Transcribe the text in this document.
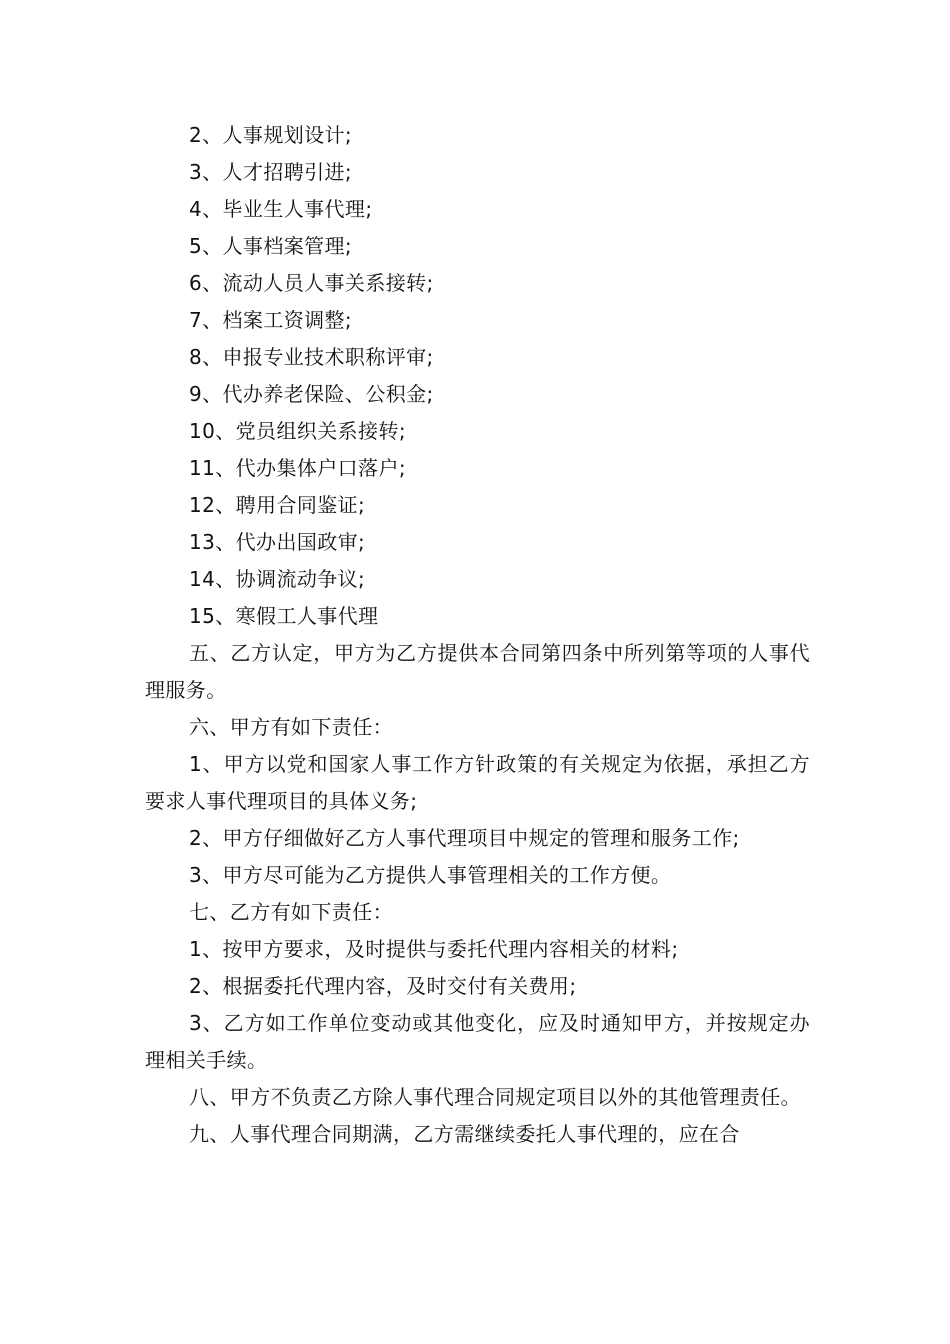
2、人事规划设计;

3、人才招聘引进;

4、毕业生人事代理;

5、人事档案管理;

6、流动人员人事关系接转;

7、档案工资调整;

8、申报专业技术职称评审;

9、代办养老保险、公积金;

10、党员组织关系接转;

11、代办集体户口落户;

12、聘用合同鉴证;

13、代办出国政审;

14、协调流动争议;

15、寒假工人事代理

五、乙方认定，甲方为乙方提供本合同第四条中所列第等项的人事代理服务。

六、甲方有如下责任：

1、甲方以党和国家人事工作方针政策的有关规定为依据，承担乙方要求人事代理项目的具体义务;

2、甲方仔细做好乙方人事代理项目中规定的管理和服务工作;

3、甲方尽可能为乙方提供人事管理相关的工作方便。

七、乙方有如下责任：

1、按甲方要求，及时提供与委托代理内容相关的材料;

2、根据委托代理内容，及时交付有关费用;

3、乙方如工作单位变动或其他变化，应及时通知甲方，并按规定办理相关手续。

八、甲方不负责乙方除人事代理合同规定项目以外的其他管理责任。

九、人事代理合同期满，乙方需继续委托人事代理的，应在合
